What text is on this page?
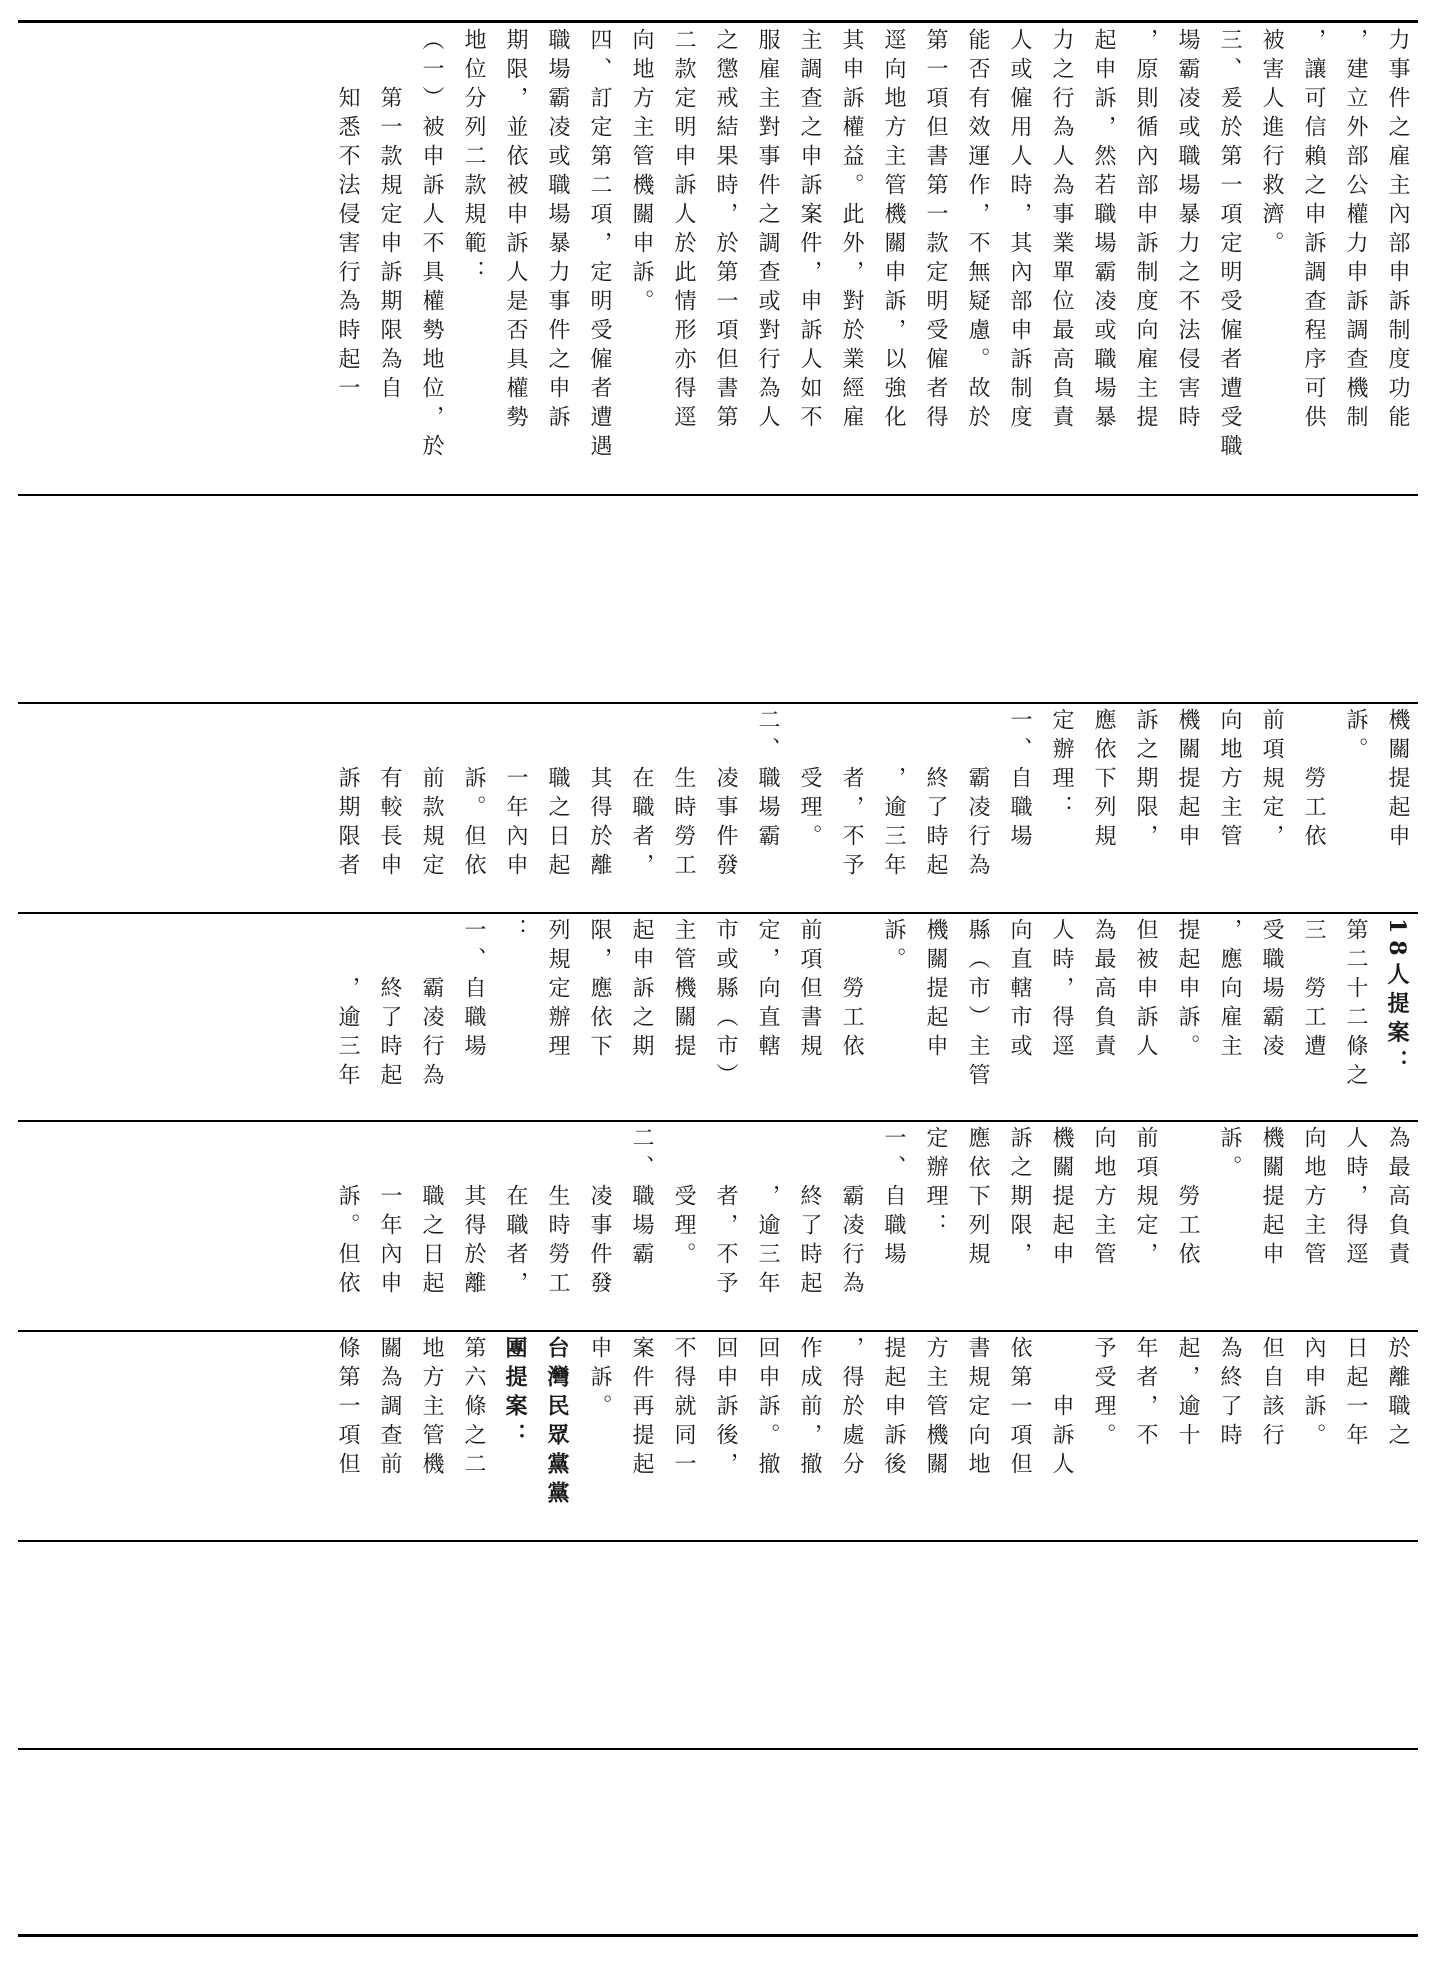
力事件之雇主內部申訴制度功能
，建立外部公權力申訴調查機制
，讓可信賴之申訴調查程序可供
被害人進行救濟。
三、爰於第一項定明受僱者遭受職
場霸凌或職場暴力之不法侵害時
，原則循內部申訴制度向雇主提
起申訴，然若職場霸凌或職場暴
力之行為人為事業單位最高負責
人或僱用人時，其內部申訴制度
能否有效運作，不無疑慮。故於
第一項但書第一款定明受僱者得
逕向地方主管機關申訴，以強化
其申訴權益。此外，對於業經雇
主調查之申訴案件，申訴人如不
服雇主對事件之調查或對行為人
之懲戒結果時，於第一項但書第
二款定明申訴人於此情形亦得逕
向地方主管機關申訴。
四、訂定第二項，定明受僱者遭遇
職場霸凌或職場暴力事件之申訴
期限，並依被申訴人是否具權勢
地位分列二款規範：
（一）被申訴人不具權勢地位，於
　　第一款規定申訴期限為自
　　知悉不法侵害行為時起一
機關提起申
訴。
　　勞工依
前項規定，
向地方主管
機關提起申
訴之期限，
應依下列規
定辦理：
一、自職場
　　霸凌行為
　　終了時起
　　，逾三年
　　者，不予
　　受理。
二、職場霸
　　凌事件發
　　生時勞工
　　在職者，
　　其得於離
　　職之日起
　　一年內申
　　訴。但依
　　前款規定
　　有較長申
　　訴期限者
18人提案：
第二十二條之
三　勞工遭
受職場霸凌
，應向雇主
提起申訴。
但被申訴人
為最高負責
人時，得逕
向直轄市或
縣（市）主管
機關提起申
訴。
　　勞工依
前項但書規
定，向直轄
市或縣（市）
主管機關提
起申訴之期
限，應依下
列規定辦理
：
一、自職場
　　霸凌行為
　　終了時起
　　，逾三年
為最高負責
人時，得逕
向地方主管
機關提起申
訴。
　　勞工依
前項規定，
向地方主管
機關提起申
訴之期限，
應依下列規
定辦理：
一、自職場
　　霸凌行為
　　終了時起
　　，逾三年
　　者，不予
　　受理。
二、職場霸
　　凌事件發
　　生時勞工
　　在職者，
　　其得於離
　　職之日起
　　一年內申
　　訴。但依
於離職之
日起一年
內申訴。
但自該行
為終了時
起，逾十
年者，不
予受理。
　　申訴人
依第一項但
書規定向地
方主管機關
提起申訴後
，得於處分
作成前，撤
回申訴。撤
回申訴後，
不得就同一
案件再提起
申訴。
台灣民眾黨黨
團提案：
第六條之二
地方主管機
關為調查前
條第一項但
